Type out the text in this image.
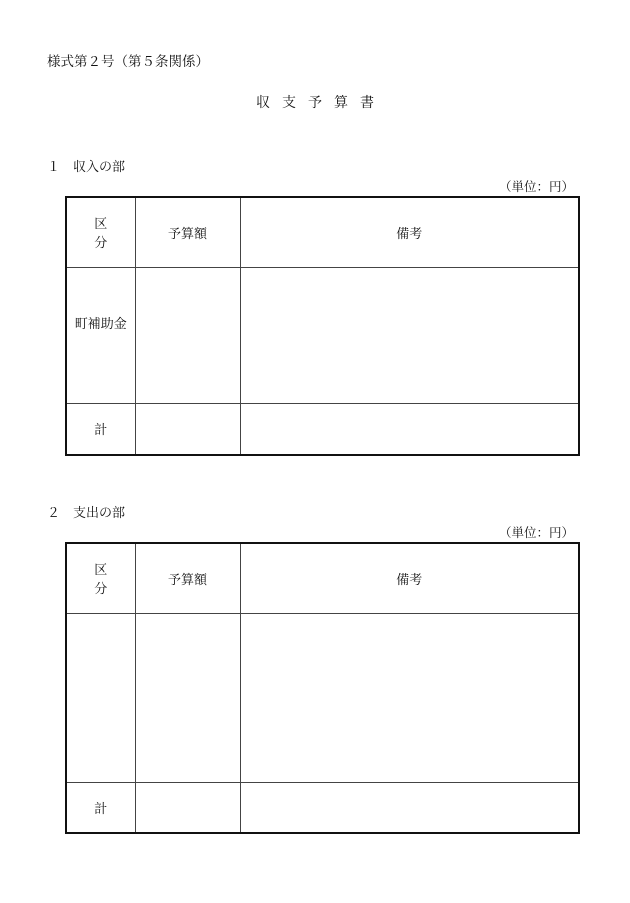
様式第２号（第５条関係）
収支予算書
１　収入の部
（単位：円）
区分	予算額	備考
町補助金		
計		
２　支出の部
（単位：円）
区分	予算額	備考

計		
